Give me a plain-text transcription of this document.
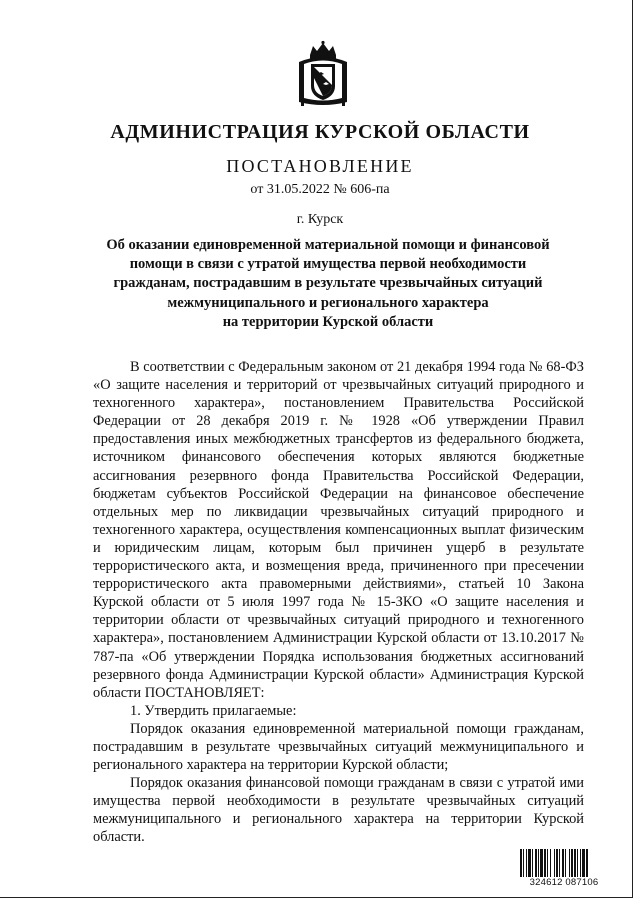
АДМИНИСТРАЦИЯ КУРСКОЙ ОБЛАСТИ
ПОСТАНОВЛЕНИЕ
от 31.05.2022 № 606-па
г. Курск
Об оказании единовременной материальной помощи и финансовой
помощи в связи с утратой имущества первой необходимости
гражданам, пострадавшим в результате чрезвычайных ситуаций
межмуниципального и регионального характера
на территории Курской области

В соответствии с Федеральным законом от 21 декабря 1994 года № 68-ФЗ «О защите населения и территорий от чрезвычайных ситуаций природного и техногенного характера», постановлением Правительства Российской Федерации от 28 декабря 2019 г. № 1928 «Об утверждении Правил предоставления иных межбюджетных трансфертов из федерального бюджета, источником финансового обеспечения которых являются бюджетные ассигнования резервного фонда Правительства Российской Федерации, бюджетам субъектов Российской Федерации на финансовое обеспечение отдельных мер по ликвидации чрезвычайных ситуаций природного и техногенного характера, осуществления компенсационных выплат физическим и юридическим лицам, которым был причинен ущерб в результате террористического акта, и возмещения вреда, причиненного при пресечении террористического акта правомерными действиями», статьей 10 Закона Курской области от 5 июля 1997 года № 15-ЗКО «О защите населения и территории области от чрезвычайных ситуаций природного и техногенного характера», постановлением Администрации Курской области от 13.10.2017 № 787-па «Об утверждении Порядка использования бюджетных ассигнований резервного фонда Администрации Курской области» Администрация Курской области ПОСТАНОВЛЯЕТ:

1. Утвердить прилагаемые:

Порядок оказания единовременной материальной помощи гражданам, пострадавшим в результате чрезвычайных ситуаций межмуниципального и регионального характера на территории Курской области;

Порядок оказания финансовой помощи гражданам в связи с утратой ими имущества первой необходимости в результате чрезвычайных ситуаций межмуниципального и регионального характера на территории Курской области.

324612 087106
